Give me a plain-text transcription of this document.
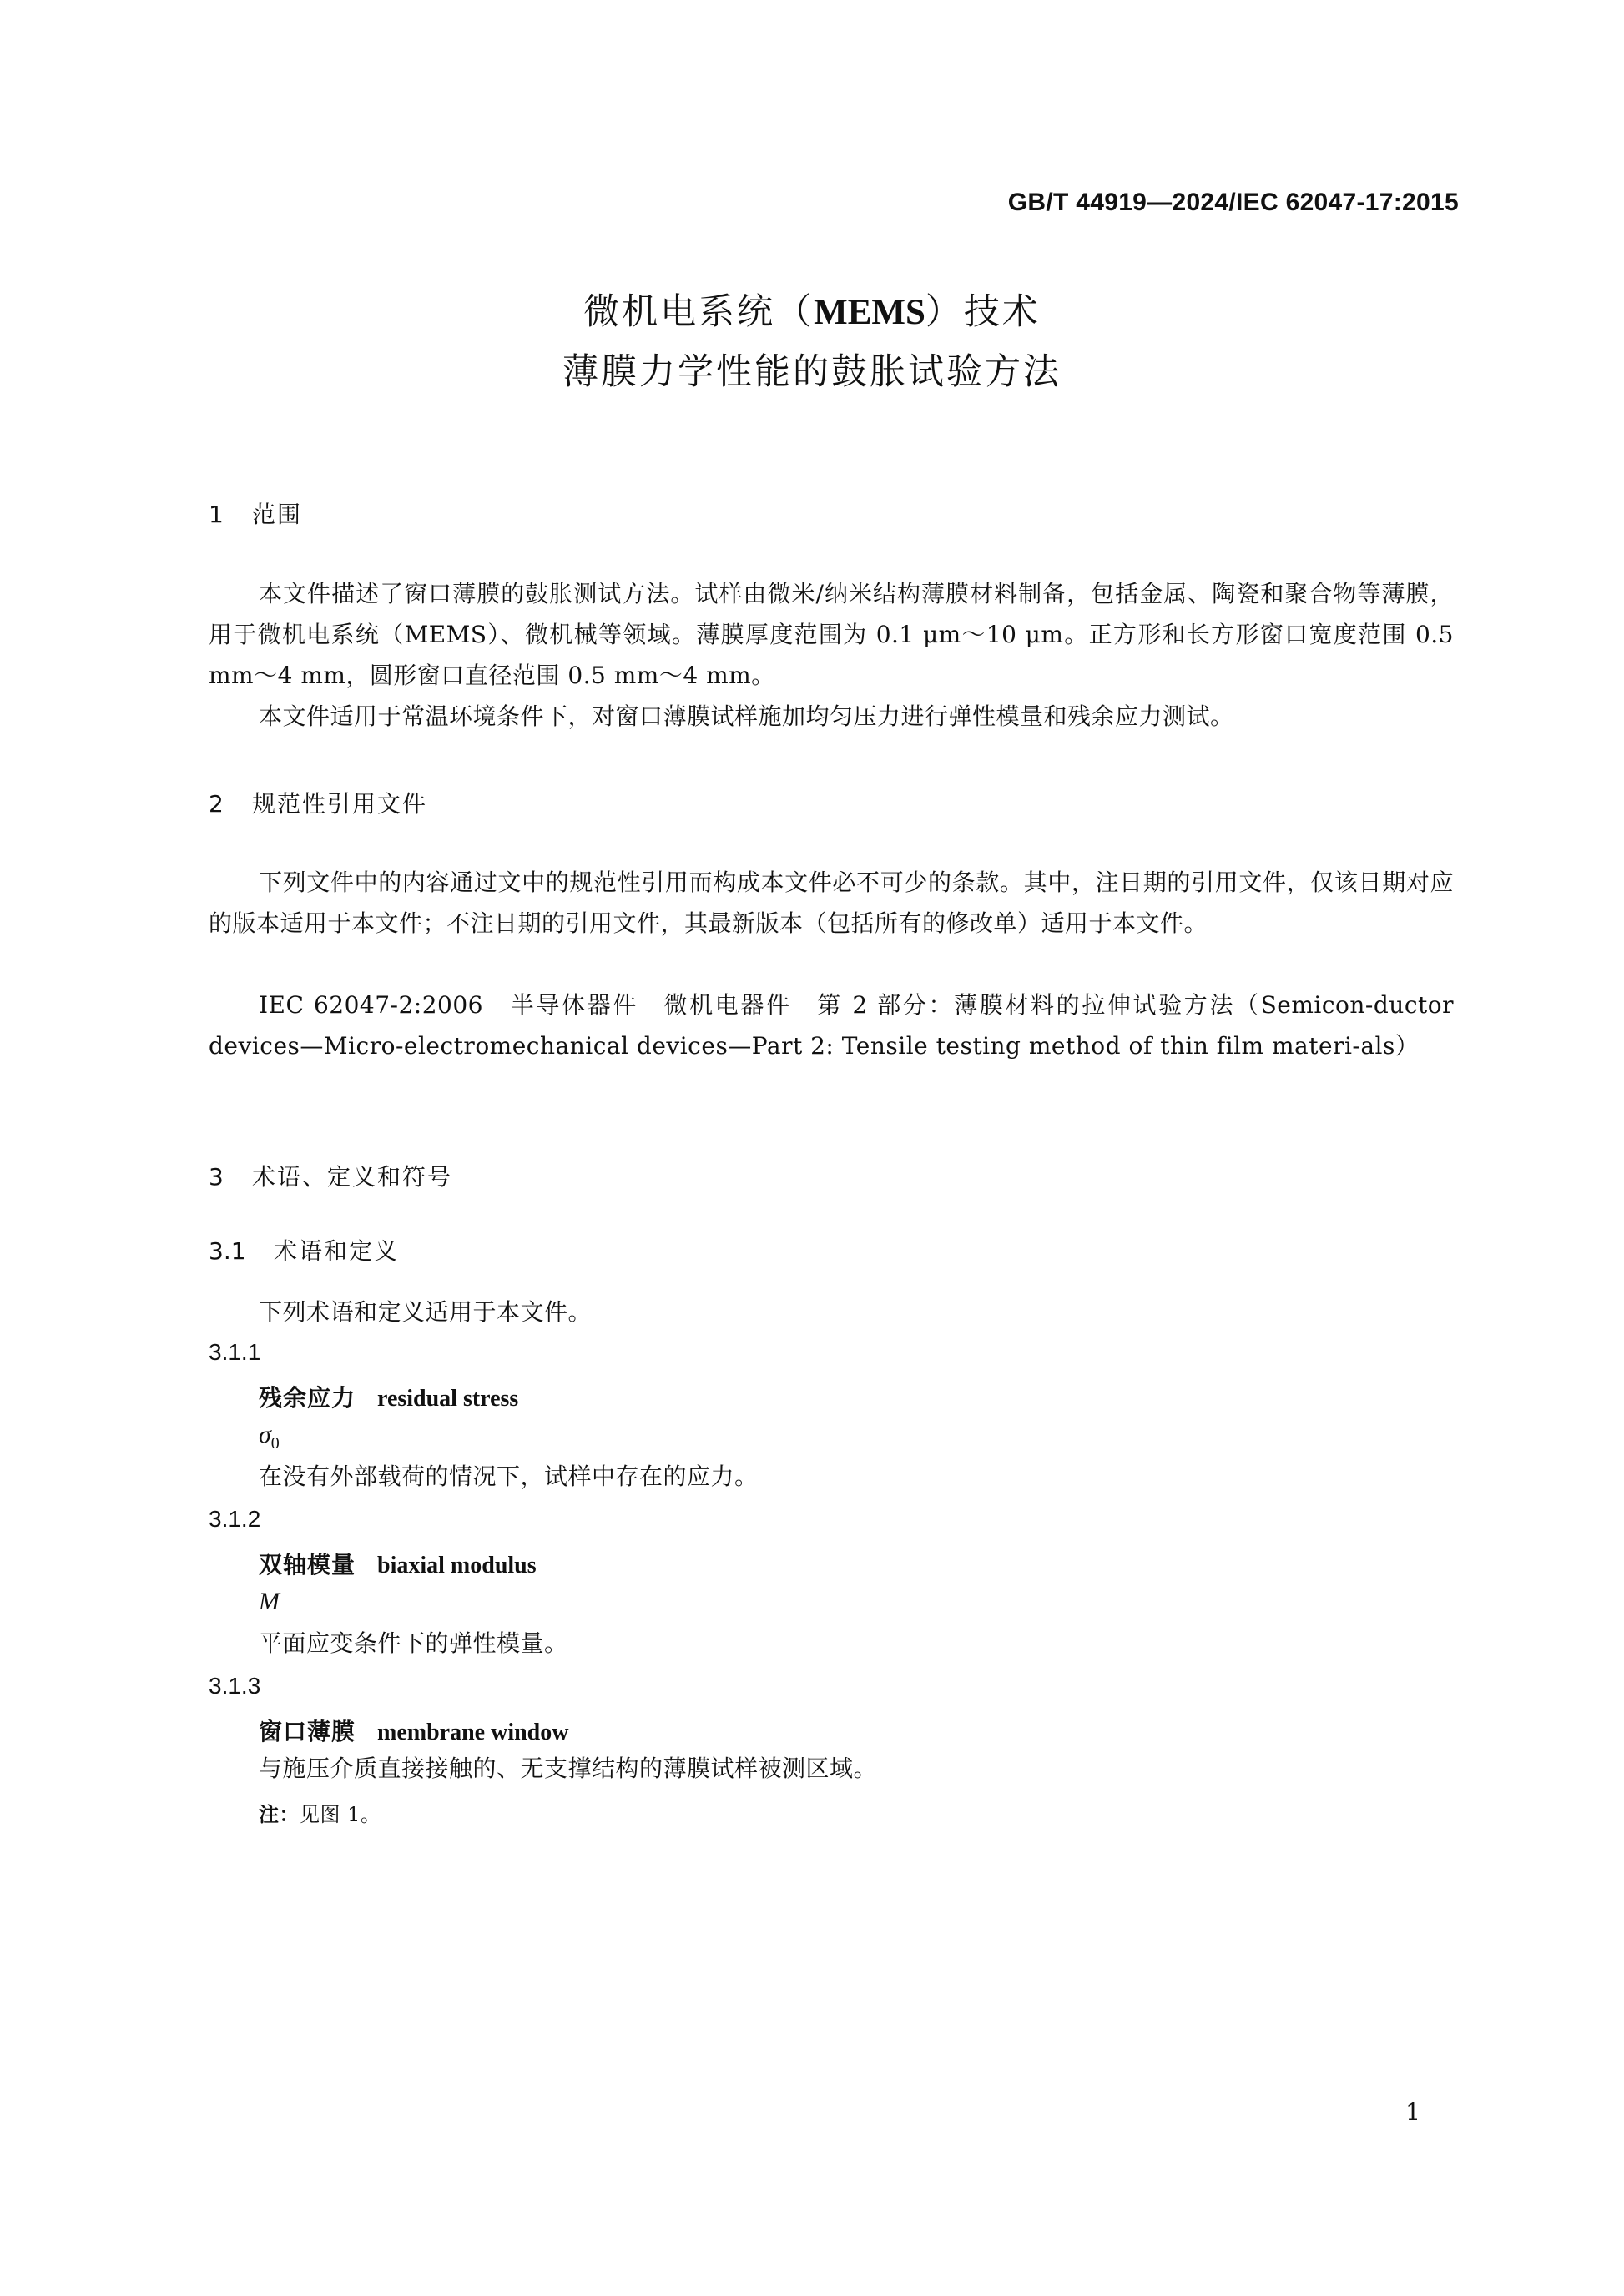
GB/T 44919—2024/IEC 62047-17:2015
微机电系统（MEMS）技术
薄膜力学性能的鼓胀试验方法
1 范围
本文件描述了窗口薄膜的鼓胀测试方法。试样由微米/纳米结构薄膜材料制备，包括金属、陶瓷和聚合物等薄膜，用于微机电系统（MEMS）、微机械等领域。薄膜厚度范围为 0.1 μm～10 μm。正方形和长方形窗口宽度范围 0.5 mm～4 mm，圆形窗口直径范围 0.5 mm～4 mm。
本文件适用于常温环境条件下，对窗口薄膜试样施加均匀压力进行弹性模量和残余应力测试。
2 规范性引用文件
下列文件中的内容通过文中的规范性引用而构成本文件必不可少的条款。其中，注日期的引用文件，仅该日期对应的版本适用于本文件；不注日期的引用文件，其最新版本（包括所有的修改单）适用于本文件。
IEC 62047-2:2006　半导体器件　微机电器件　第 2 部分：薄膜材料的拉伸试验方法（Semicon-ductor devices—Micro-electromechanical devices—Part 2: Tensile testing method of thin film materi-als）
3 术语、定义和符号
3.1 术语和定义
下列术语和定义适用于本文件。
3.1.1
残余应力 residual stress
$\sigma_0$
在没有外部载荷的情况下，试样中存在的应力。
3.1.2
双轴模量 biaxial modulus
M
平面应变条件下的弹性模量。
3.1.3
窗口薄膜 membrane window
与施压介质直接接触的、无支撑结构的薄膜试样被测区域。
注：见图 1。
1
